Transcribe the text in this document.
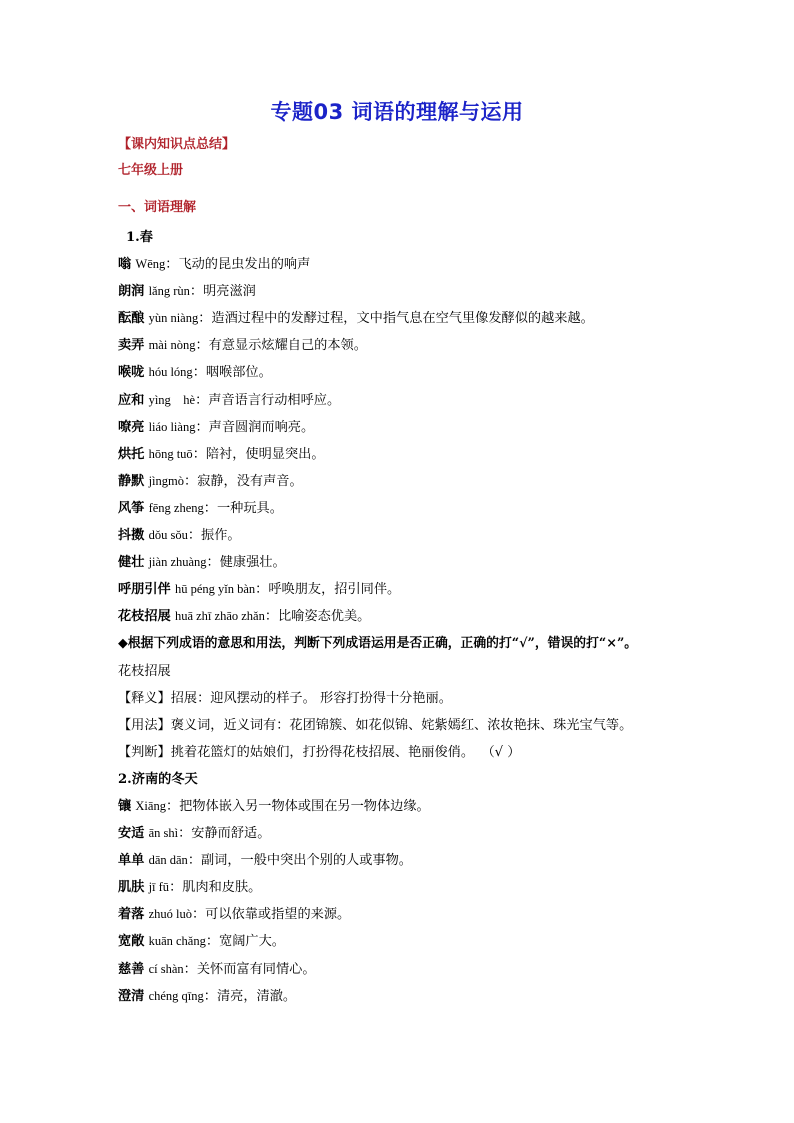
专题03 词语的理解与运用
【课内知识点总结】
七年级上册
一、词语理解
1.春
嗡 Wēng：飞动的昆虫发出的响声
朗润 lǎng rùn：明亮滋润
酝酿 yùn niàng：造酒过程中的发酵过程，文中指气息在空气里像发酵似的越来越。
卖弄 mài nòng：有意显示炫耀自己的本领。
喉咙 hóu lóng：咽喉部位。
应和 yìng　hè：声音语言行动相呼应。
嘹亮 liáo liàng：声音圆润而响亮。
烘托 hōng tuō：陪衬，使明显突出。
静默 jìngmò：寂静，没有声音。
风筝 fēng zheng：一种玩具。
抖擞 dǒu sǒu：振作。
健壮 jiàn zhuàng：健康强壮。
呼朋引伴 hū péng yǐn bàn：呼唤朋友，招引同伴。
花枝招展 huā zhī zhāo zhǎn：比喻姿态优美。
◆根据下列成语的意思和用法，判断下列成语运用是否正确，正确的打“√”，错误的打“×”。
花枝招展
【释义】招展：迎风摆动的样子。 形容打扮得十分艳丽。
【用法】褒义词，近义词有：花团锦簇、如花似锦、姹紫嫣红、浓妆艳抹、珠光宝气等。
【判断】挑着花篮灯的姑娘们，打扮得花枝招展、艳丽俊俏。 （√ ）
2.济南的冬天
镶 Xiāng：把物体嵌入另一物体或围在另一物体边缘。
安适 ān shì：安静而舒适。
单单 dān dān：副词，一般中突出个别的人或事物。
肌肤 jī fū：肌肉和皮肤。
着落 zhuó luò：可以依靠或指望的来源。
宽敞 kuān chǎng：宽阔广大。
慈善 cí shàn：关怀而富有同情心。
澄清 chéng qīng：清亮，清澈。
